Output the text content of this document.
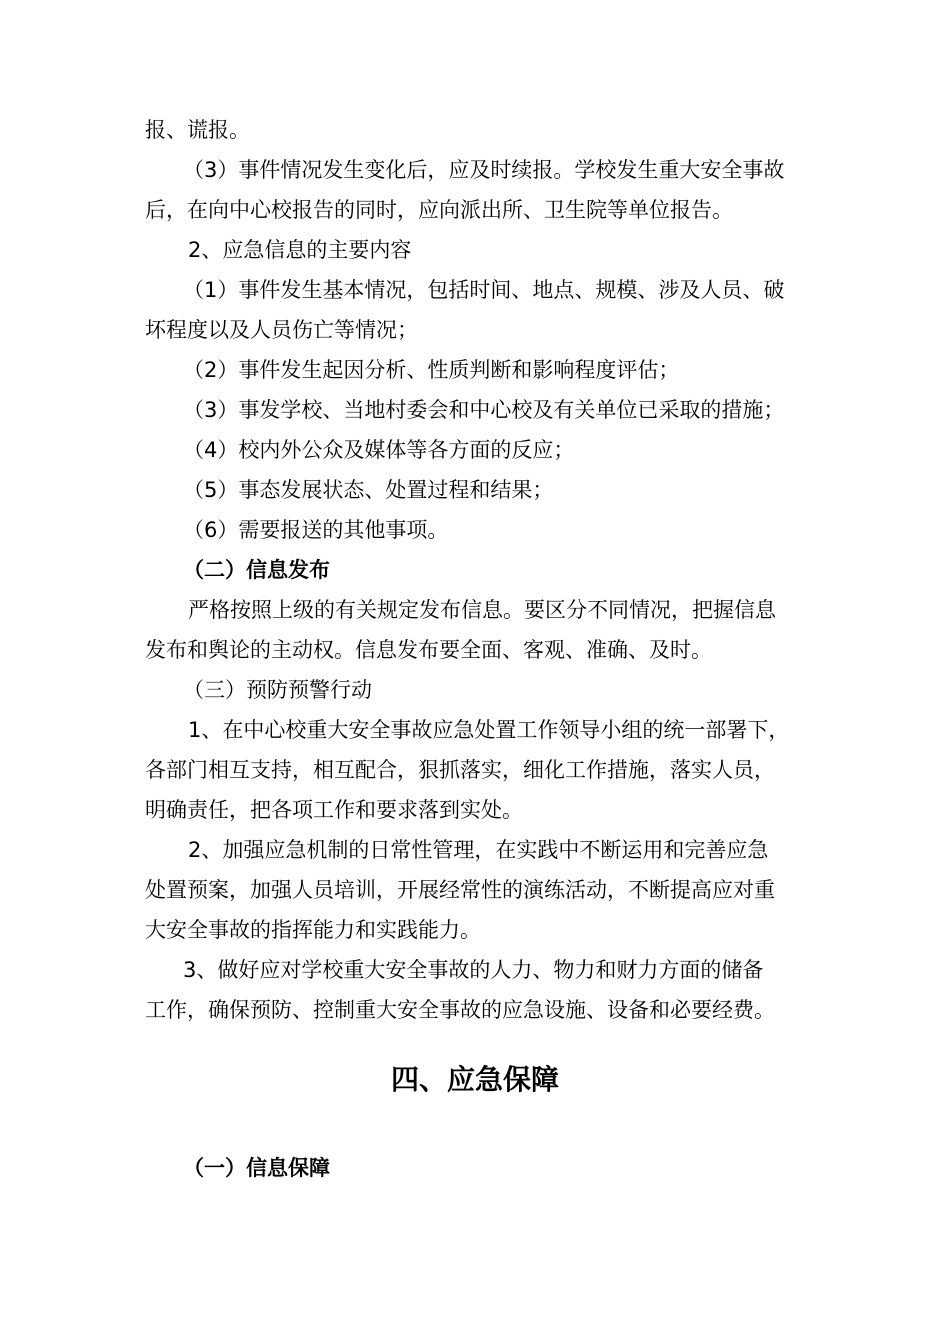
报、谎报。
（3）事件情况发生变化后，应及时续报。学校发生重大安全事故
后，在向中心校报告的同时，应向派出所、卫生院等单位报告。
2、应急信息的主要内容
（1）事件发生基本情况，包括时间、地点、规模、涉及人员、破
坏程度以及人员伤亡等情况；
（2）事件发生起因分析、性质判断和影响程度评估；
（3）事发学校、当地村委会和中心校及有关单位已采取的措施；
（4）校内外公众及媒体等各方面的反应；
（5）事态发展状态、处置过程和结果；
（6）需要报送的其他事项。
（二）信息发布
严格按照上级的有关规定发布信息。要区分不同情况，把握信息
发布和舆论的主动权。信息发布要全面、客观、准确、及时。
（三）预防预警行动
1、在中心校重大安全事故应急处置工作领导小组的统一部署下，
各部门相互支持，相互配合，狠抓落实，细化工作措施，落实人员，
明确责任，把各项工作和要求落到实处。
2、加强应急机制的日常性管理，在实践中不断运用和完善应急
处置预案，加强人员培训，开展经常性的演练活动，不断提高应对重
大安全事故的指挥能力和实践能力。
3、做好应对学校重大安全事故的人力、物力和财力方面的储备
工作，确保预防、控制重大安全事故的应急设施、设备和必要经费。
四、应急保障
（一）信息保障
